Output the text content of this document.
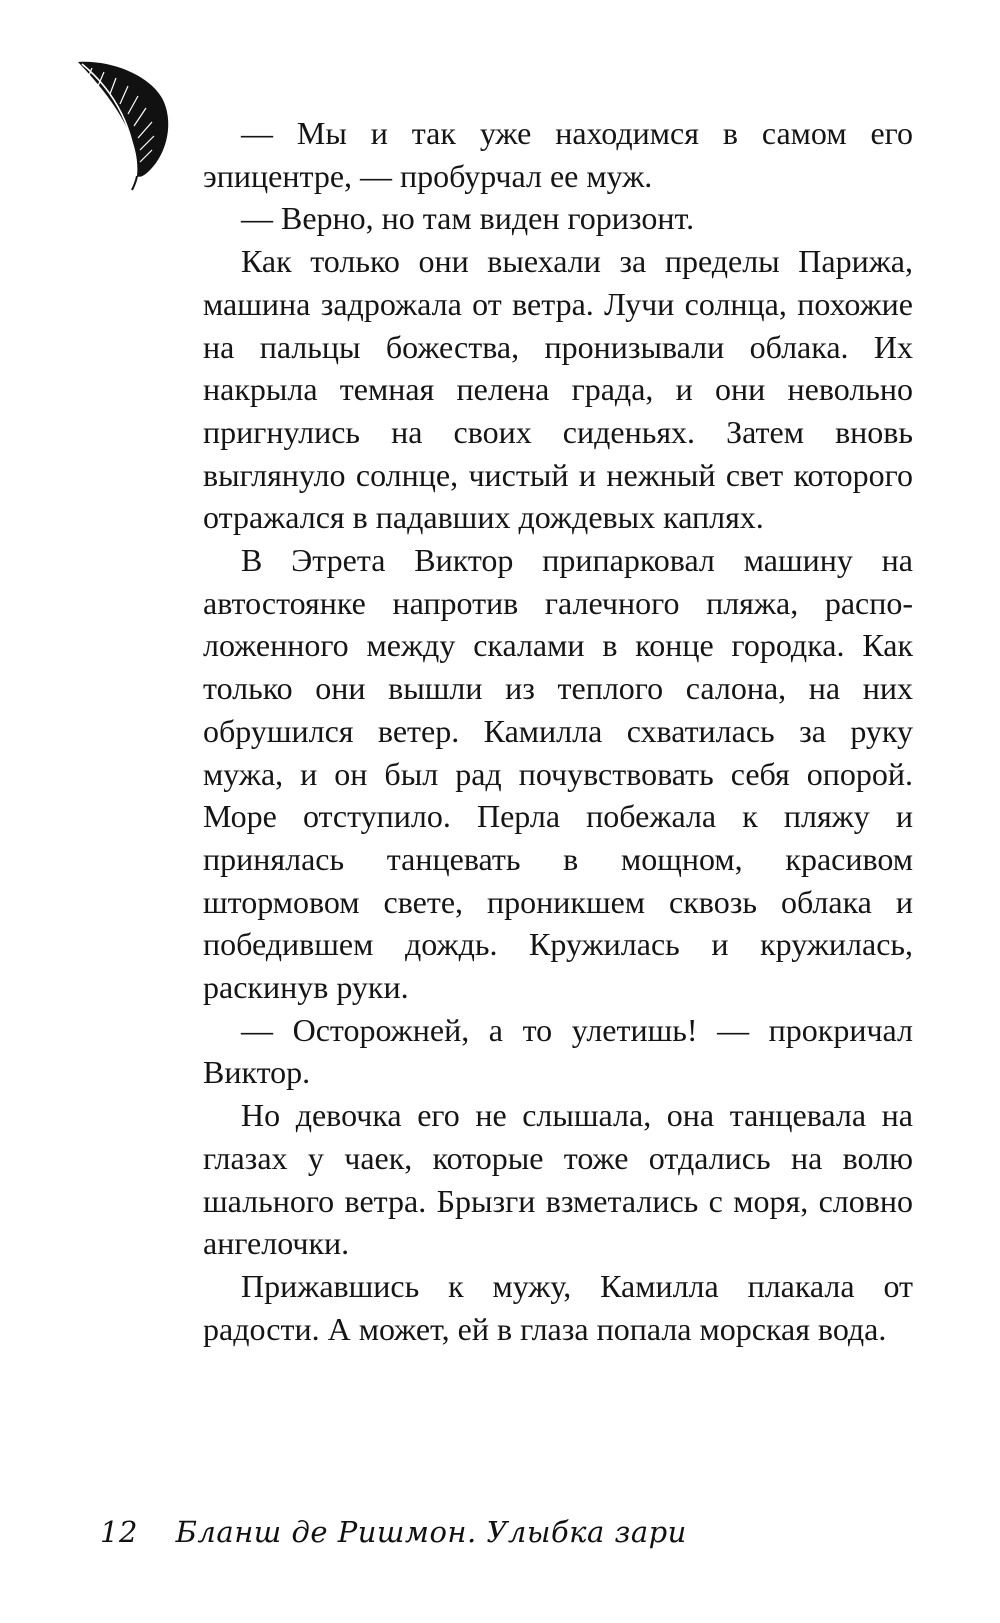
— Мы и так уже находимся в самом его эпицентре, — пробурчал ее муж.

— Верно, но там виден горизонт.

Как только они выехали за пределы Парижа, машина задрожала от ветра. Лучи солнца, похожие на пальцы божества, пронизывали облака. Их накрыла темная пелена града, и они невольно пригнулись на своих сиденьях. Затем вновь выглянуло солнце, чистый и нежный свет которого отражался в падавших дождевых каплях.

В Этрета Виктор припарковал машину на автостоянке напротив галечного пляжа, расположенного между скалами в конце городка. Как только они вышли из теплого салона, на них обрушился ветер. Камилла схватилась за руку мужа, и он был рад почувствовать себя опорой. Море отступило. Перла побежала к пляжу и принялась танцевать в мощном, красивом штормовом свете, проникшем сквозь облака и победившем дождь. Кружилась и кружилась, раскинув руки.

— Осторожней, а то улетишь! — прокричал Виктор.

Но девочка его не слышала, она танцевала на глазах у чаек, которые тоже отдались на волю шального ветра. Брызги взметались с моря, словно ангелочки.

Прижавшись к мужу, Камилла плакала от радости. А может, ей в глаза попала морская вода.

12 Бланш де Ришмон. Улыбка зари
